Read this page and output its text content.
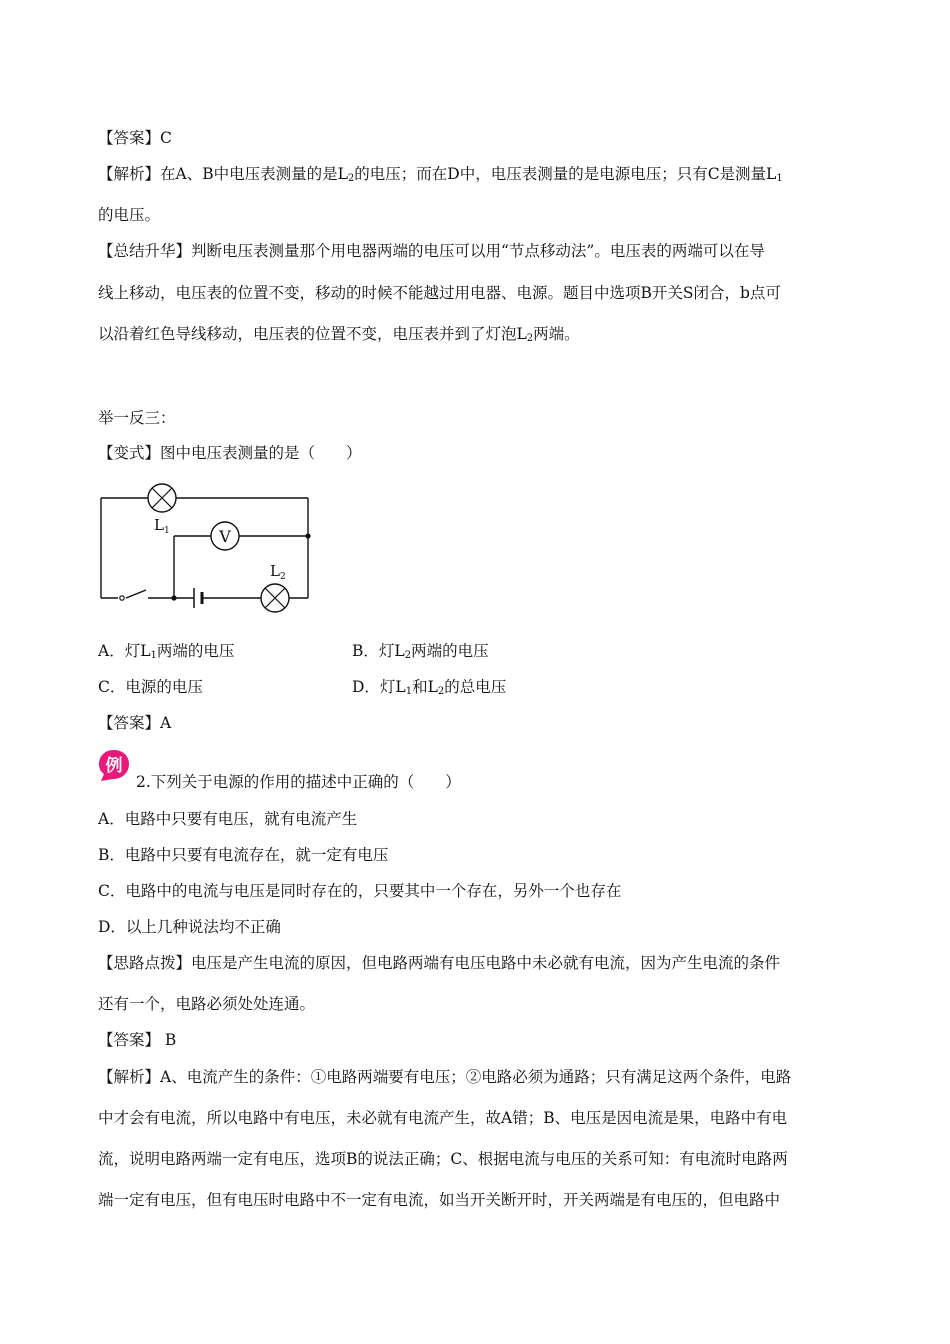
【答案】C
【解析】在A、B中电压表测量的是$L_2$的电压；而在D中，电压表测量的是电源电压；只有C是测量$L_1$
的电压。
【总结升华】判断电压表测量那个用电器两端的电压可以用“节点移动法”。电压表的两端可以在导
线上移动，电压表的位置不变，移动的时候不能越过用电器、电源。题目中选项B开关S闭合，b点可
以沿着红色导线移动，电压表的位置不变，电压表并到了灯泡$L_2$两端。
举一反三：
【变式】图中电压表测量的是（　　）
$L_1$	V
$L_2$
A．灯$L_1$两端的电压	B．灯$L_2$两端的电压
C．电源的电压	D．灯$L_1$和$L_2$的总电压
【答案】A
例
2.下列关于电源的作用的描述中正确的（　　）
A．电路中只要有电压，就有电流产生
B．电路中只要有电流存在，就一定有电压
C．电路中的电流与电压是同时存在的，只要其中一个存在，另外一个也存在
D．以上几种说法均不正确
【思路点拨】电压是产生电流的原因，但电路两端有电压电路中未必就有电流，因为产生电流的条件
还有一个，电路必须处处连通。
【答案】 B
【解析】A、电流产生的条件：①电路两端要有电压；②电路必须为通路；只有满足这两个条件，电路
中才会有电流，所以电路中有电压，未必就有电流产生，故A错；B、电压是因电流是果，电路中有电
流，说明电路两端一定有电压，选项B的说法正确；C、根据电流与电压的关系可知：有电流时电路两
端一定有电压，但有电压时电路中不一定有电流，如当开关断开时，开关两端是有电压的，但电路中
